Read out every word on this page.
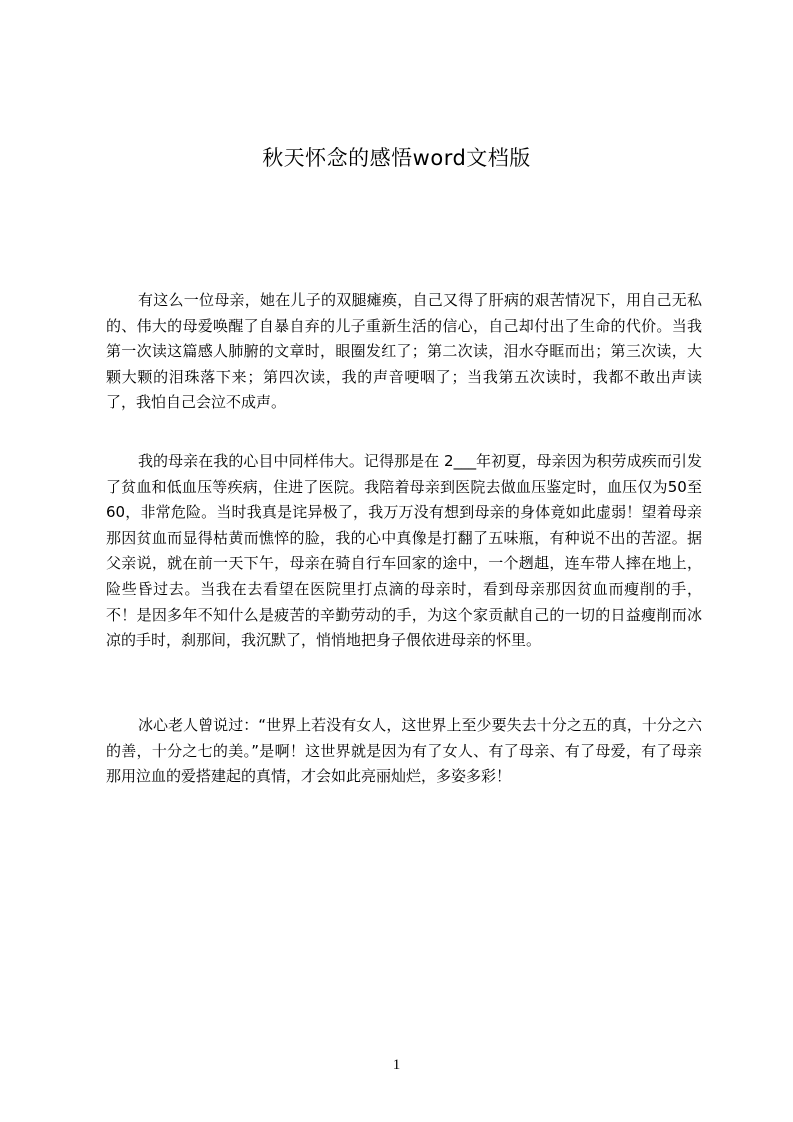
秋天怀念的感悟word文档版

有这么一位母亲，她在儿子的双腿瘫痪，自己又得了肝病的艰苦情况下，用自己无私的、伟大的母爱唤醒了自暴自弃的儿子重新生活的信心，自己却付出了生命的代价。当我第一次读这篇感人肺腑的文章时，眼圈发红了；第二次读，泪水夺眶而出；第三次读，大颗大颗的泪珠落下来；第四次读，我的声音哽咽了；当我第五次读时，我都不敢出声读了，我怕自己会泣不成声。

我的母亲在我的心目中同样伟大。记得那是在 2___年初夏，母亲因为积劳成疾而引发了贫血和低血压等疾病，住进了医院。我陪着母亲到医院去做血压鉴定时，血压仅为50至60，非常危险。当时我真是诧异极了，我万万没有想到母亲的身体竟如此虚弱！望着母亲那因贫血而显得枯黄而憔悴的脸，我的心中真像是打翻了五味瓶，有种说不出的苦涩。据父亲说，就在前一天下午，母亲在骑自行车回家的途中，一个趔趄，连车带人摔在地上，险些昏过去。当我在去看望在医院里打点滴的母亲时，看到母亲那因贫血而瘦削的手，不！是因多年不知什么是疲苦的辛勤劳动的手，为这个家贡献自己的一切的日益瘦削而冰凉的手时，刹那间，我沉默了，悄悄地把身子偎依进母亲的怀里。

冰心老人曾说过：“世界上若没有女人，这世界上至少要失去十分之五的真，十分之六的善，十分之七的美。”是啊！这世界就是因为有了女人、有了母亲、有了母爱，有了母亲那用泣血的爱搭建起的真情，才会如此亮丽灿烂，多姿多彩！

1
